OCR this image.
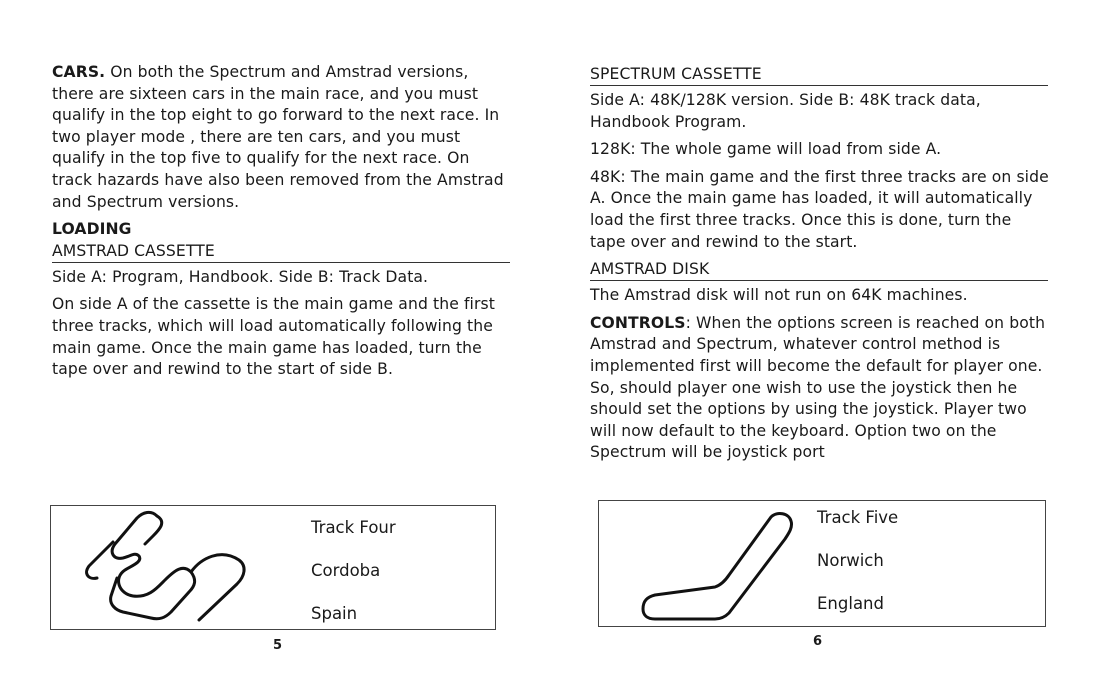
CARS. On both the Spectrum and Amstrad versions, there are sixteen cars in the main race, and you must qualify in the top eight to go forward to the next race. In two player mode , there are ten cars, and you must qualify in the top five to qualify for the next race. On track hazards have also been removed from the Amstrad and Spectrum versions.

LOADING
AMSTRAD CASSETTE

Side A: Program, Handbook. Side B: Track Data.

On side A of the cassette is the main game and the first three tracks, which will load automatically following the main game. Once the main game has loaded, turn the tape over and rewind to the start of side B.

Track Four
Cordoba
Spain
5
SPECTRUM CASSETTE

Side A: 48K/128K version. Side B: 48K track data, Handbook Program.

128K: The whole game will load from side A.

48K: The main game and the first three tracks are on side A. Once the main game has loaded, it will automatically load the first three tracks. Once this is done, turn the tape over and rewind to the start.

AMSTRAD DISK

The Amstrad disk will not run on 64K machines.

CONTROLS: When the options screen is reached on both Amstrad and Spectrum, whatever control method is implemented first will become the default for player one. So, should player one wish to use the joystick then he should set the options by using the joystick. Player two will now default to the keyboard. Option two on the Spectrum will be joystick port

Track Five
Norwich
England
6
